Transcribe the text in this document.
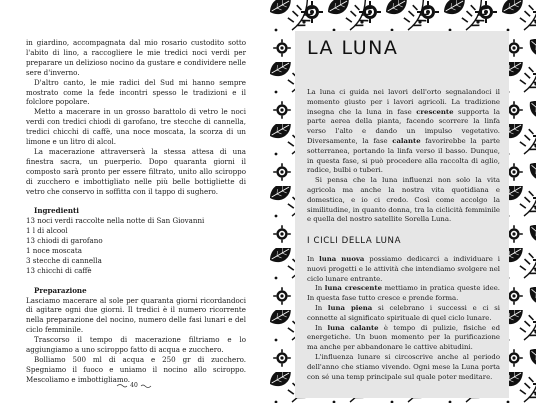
in giardino, accompagnata dal mio rosario custodito sotto l'abito di lino, a raccogliere le mie tredici noci verdi per preparare un delizioso nocino da gustare e condividere nelle sere d'inverno.

D'altro canto, le mie radici del Sud mi hanno sempre mostrato come la fede incontri spesso le tradizioni e il folclore popolare.

Metto a macerare in un grosso barattolo di vetro le noci verdi con tredici chiodi di garofano, tre stecche di cannella, tredici chicchi di caffè, una noce moscata, la scorza di un limone e un litro di alcol.

La macerazione attraverserà la stessa attesa di una finestra sacra, un puerperio. Dopo quaranta giorni il composto sarà pronto per essere filtrato, unito allo sciroppo di zucchero e imbottigliato nelle più belle bottigliette di vetro che conservo in soffitta con il tappo di sughero.

Ingredienti

13 noci verdi raccolte nella notte di San Giovanni

1 l di alcool

13 chiodi di garofano

1 noce moscata

3 stecche di cannella

13 chicchi di caffè

Preparazione

Lasciamo macerare al sole per quaranta giorni ricordandoci di agitare ogni due giorni. Il tredici è il numero ricorrente nella preparazione del nocino, numero delle fasi lunari e del ciclo femminile.

Trascorso il tempo di macerazione filtriamo e lo aggiungiamo a uno sciroppo fatto di acqua e zucchero.

Bolliamo 500 ml di acqua e 250 gr di zucchero. Spegniamo il fuoco e uniamo il nocino allo sciroppo. Mescoliamo e imbottigliamo.

40
LA LUNA

La luna ci guida nei lavori dell'orto segnalandoci il momento giusto per i lavori agricoli. La tradizione insegna che la luna in fase crescente supporta la parte aerea della pianta, facendo scorrere la linfa verso l'alto e dando un impulso vegetativo. Diversamente, la fase calante favorirebbe la parte sotterranea, portando la linfa verso il basso. Dunque, in questa fase, si può procedere alla raccolta di aglio, radice, bulbi o tuberi.

Si pensa che la luna influenzi non solo la vita agricola ma anche la nostra vita quotidiana e domestica, e io ci credo. Così come accolgo la similitudine, in quanto donna, tra la ciclicità femminile e quella del nostro satellite Sorella Luna.

I CICLI DELLA LUNA

In luna nuova possiamo dedicarci a individuare i nuovi progetti e le attività che intendiamo svolgere nel ciclo lunare entrante.

In luna crescente mettiamo in pratica queste idee. In questa fase tutto cresce e prende forma.

In luna piena si celebrano i successi e ci si connette al significato spirituale di quel ciclo lunare.

In luna calante è tempo di pulizie, fisiche ed energetiche. Un buon momento per la purificazione ma anche per abbandonare le cattive abitudini.

L'influenza lunare si circoscrive anche al periodo dell'anno che stiamo vivendo. Ogni mese la Luna porta con sé una temp principale sul quale poter meditare.
